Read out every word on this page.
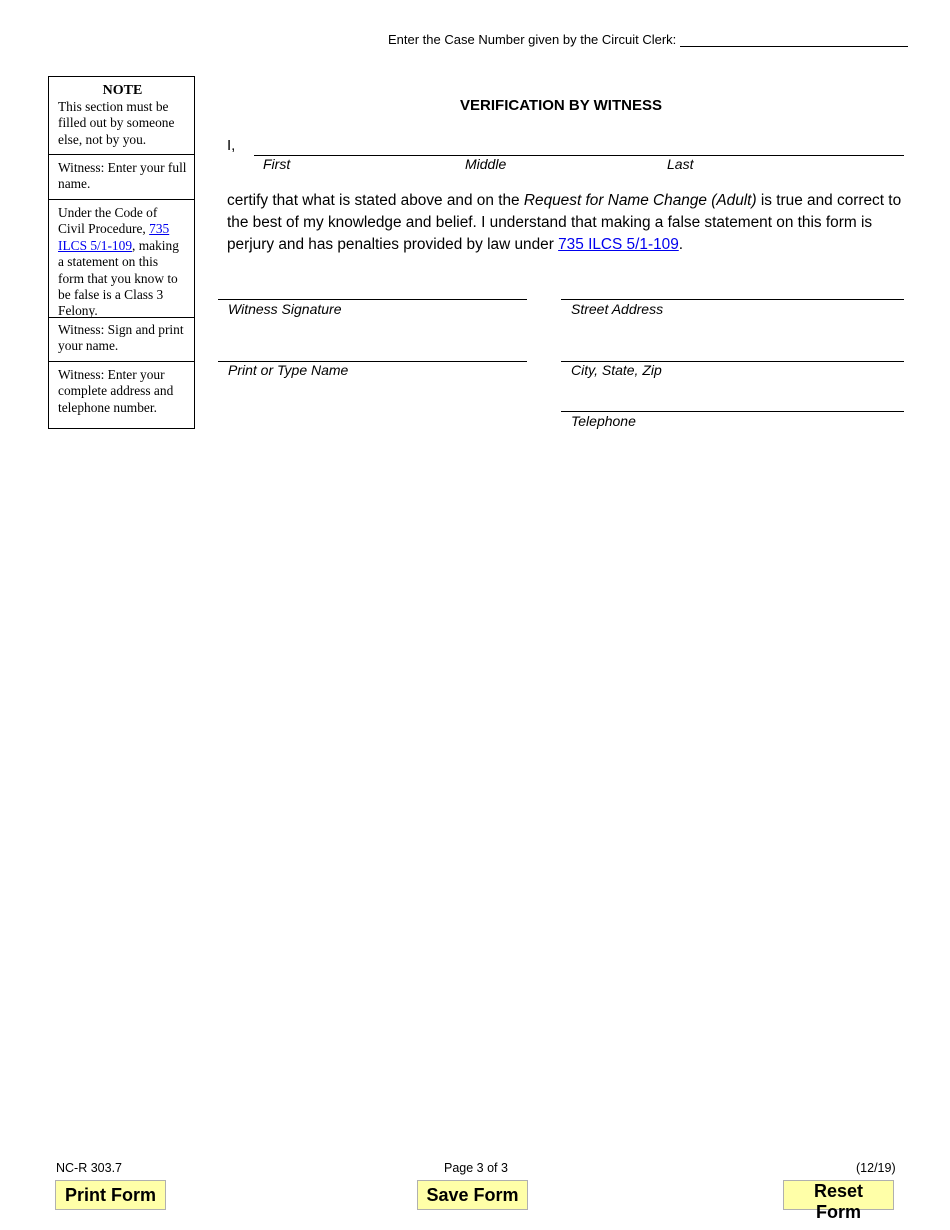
Enter the Case Number given by the Circuit Clerk:
NOTE
This section must be filled out by someone else, not by you.
Witness: Enter your full name.
Under the Code of Civil Procedure, 735 ILCS 5/1-109, making a statement on this form that you know to be false is a Class 3 Felony.
Witness: Sign and print your name.
Witness: Enter your complete address and telephone number.
VERIFICATION BY WITNESS
I,
First	Middle	Last
certify that what is stated above and on the Request for Name Change (Adult) is true and correct to the best of my knowledge and belief. I understand that making a false statement on this form is perjury and has penalties provided by law under 735 ILCS 5/1-109.
Witness Signature
Print or Type Name
Street Address
City, State, Zip
Telephone
NC-R 303.7	Page 3 of 3	(12/19)
Print Form	Save Form	Reset Form
